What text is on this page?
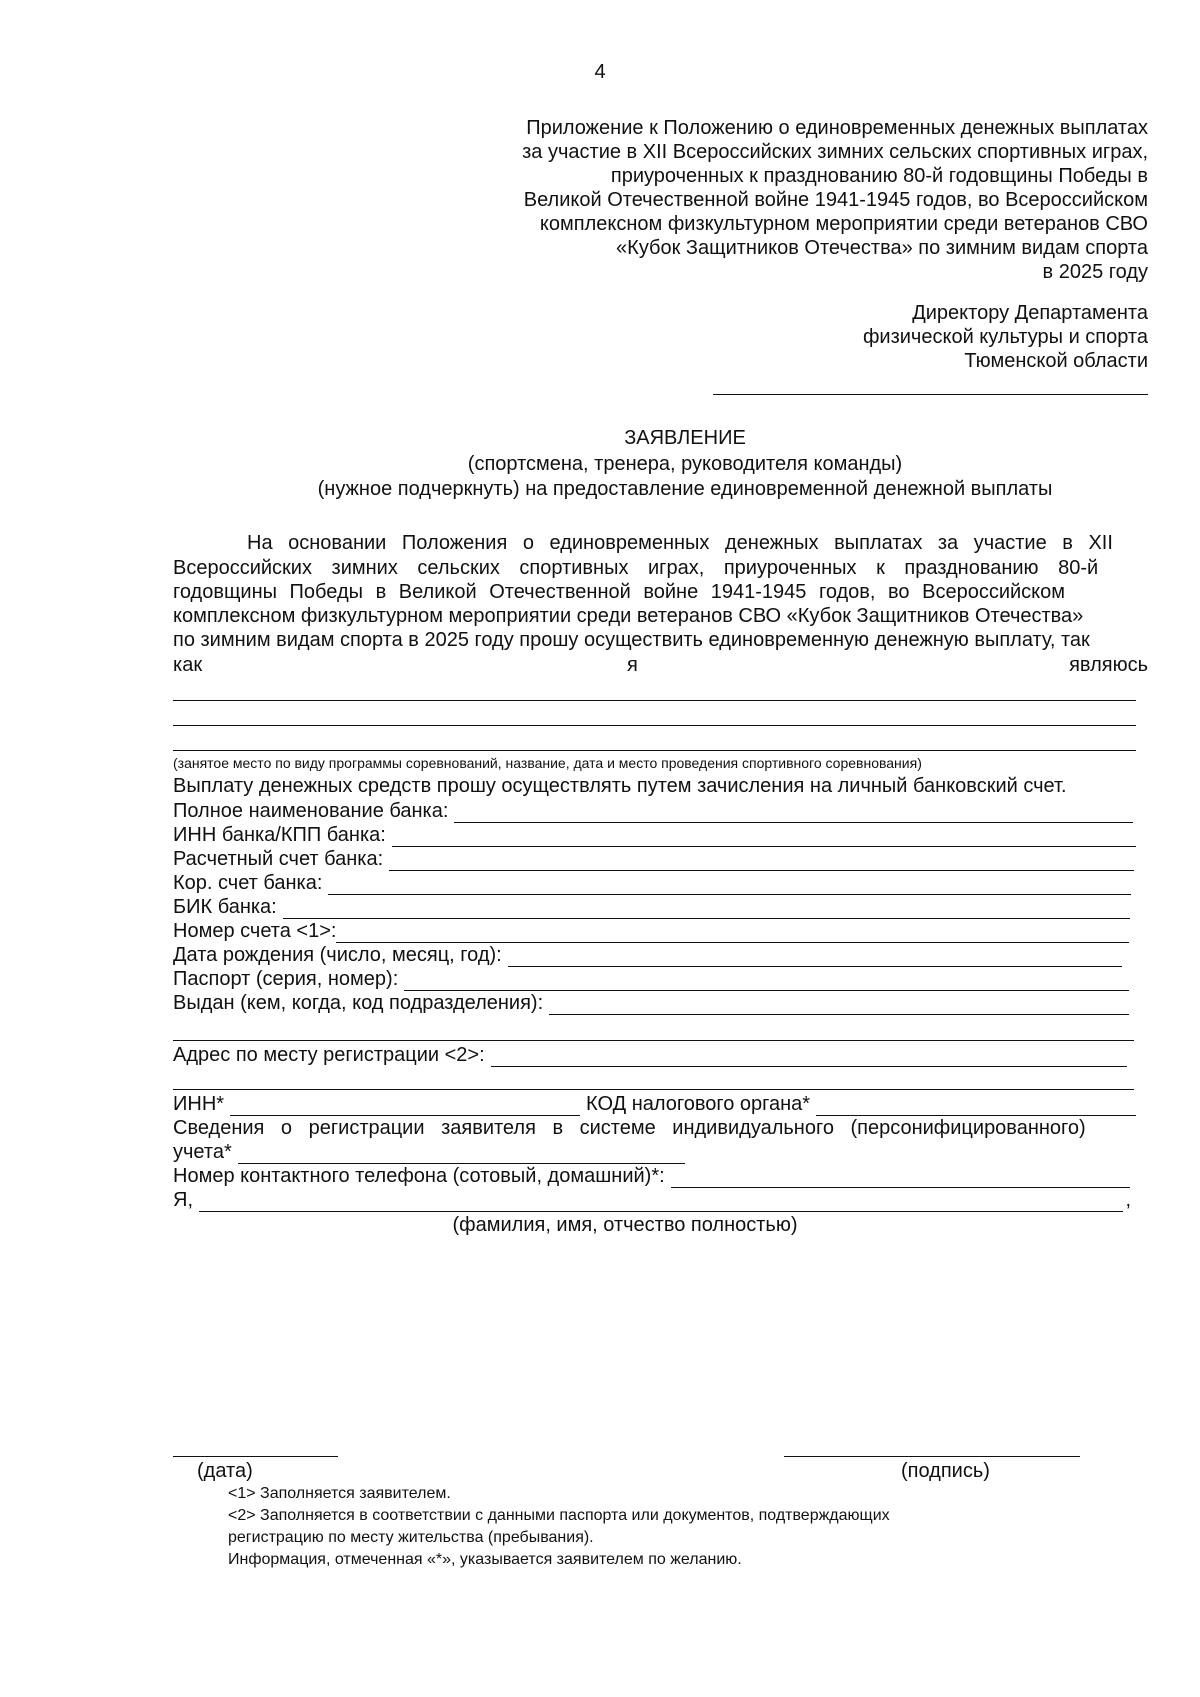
4
Приложение к Положению о единовременных денежных выплатах
за участие в XII Всероссийских зимних сельских спортивных играх,
приуроченных к празднованию 80-й годовщины Победы в
Великой Отечественной войне 1941-1945 годов, во Всероссийском
комплексном физкультурном мероприятии среди ветеранов СВО
«Кубок Защитников Отечества» по зимним видам спорта
в 2025 году
Директору Департамента
физической культуры и спорта
Тюменской области
ЗАЯВЛЕНИЕ
(спортсмена, тренера, руководителя команды)
(нужное подчеркнуть) на предоставление единовременной денежной выплаты
На основании Положения о единовременных денежных выплатах за участие в XII
Всероссийских зимних сельских спортивных играх, приуроченных к празднованию 80-й
годовщины Победы в Великой Отечественной войне 1941-1945 годов, во Всероссийском
комплексном физкультурном мероприятии среди ветеранов СВО «Кубок Защитников Отечества»
по зимним видам спорта в 2025 году прошу осуществить единовременную денежную выплату, так
как	я	являюсь
(занятое место по виду программы соревнований, название, дата и место проведения спортивного соревнования)
Выплату денежных средств прошу осуществлять путем зачисления на личный банковский счет.
Полное наименование банка:
ИНН банка/КПП банка:
Расчетный счет банка:
Кор. счет банка:
БИК банка:
Номер счета <1>:
Дата рождения (число, месяц, год):
Паспорт (серия, номер):
Выдан (кем, когда, код подразделения):
Адрес по месту регистрации <2>:
ИНН*	КОД налогового органа*
Сведения о регистрации заявителя в системе индивидуального (персонифицированного)
учета*
Номер контактного телефона (сотовый, домашний)*:
Я,	,
(фамилия, имя, отчество полностью)
(дата)	(подпись)
<1> Заполняется заявителем.
<2> Заполняется в соответствии с данными паспорта или документов, подтверждающих
регистрацию по месту жительства (пребывания).
Информация, отмеченная «*», указывается заявителем по желанию.
